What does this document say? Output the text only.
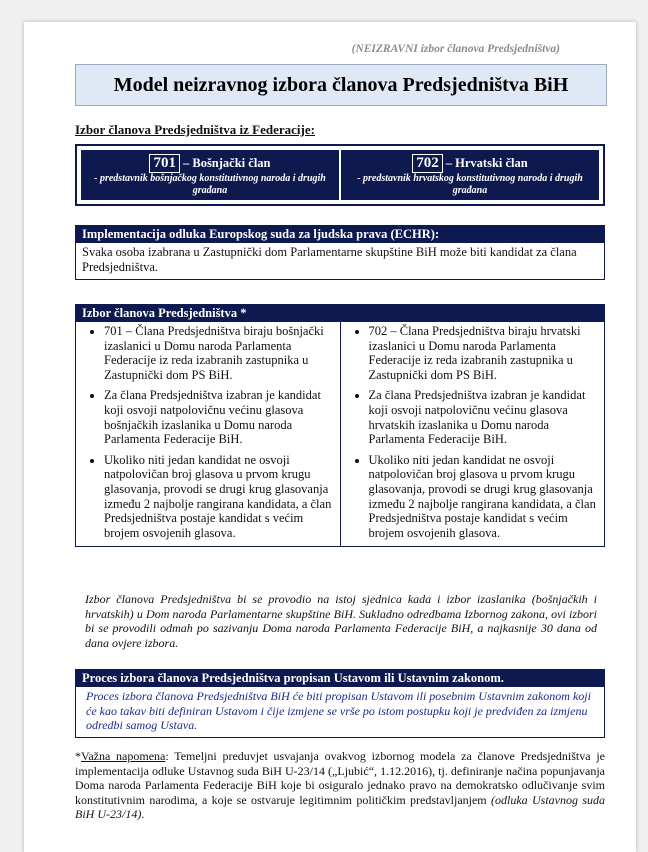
(NEIZRAVNI izbor članova Predsjedništva)
Model neizravnog izbora članova Predsjedništva BiH
Izbor članova Predsjedništva iz Federacije:
701 – Bošnjački član
- predstavnik bošnjačkog konstitutivnog naroda i drugih građana
702 – Hrvatski član
- predstavnik hrvatskog konstitutivnog naroda i drugih građana
Implementacija odluka Europskog suda za ljudska prava (ECHR):
Svaka osoba izabrana u Zastupnički dom Parlamentarne skupštine BiH može biti kandidat za člana Predsjedništva.
Izbor članova Predsjedništva *
• 701 – Člana Predsjedništva biraju bošnjački izaslanici u Domu naroda Parlamenta Federacije iz reda izabranih zastupnika u Zastupnički dom PS BiH.
• Za člana Predsjedništva izabran je kandidat koji osvoji natpolovičnu većinu glasova bošnjačkih izaslanika u Domu naroda Parlamenta Federacije BiH.
• Ukoliko niti jedan kandidat ne osvoji natpolovičan broj glasova u prvom krugu glasovanja, provodi se drugi krug glasovanja između 2 najbolje rangirana kandidata, a član Predsjedništva postaje kandidat s većim brojem osvojenih glasova.
• 702 – Člana Predsjedništva biraju hrvatski izaslanici u Domu naroda Parlamenta Federacije iz reda izabranih zastupnika u Zastupnički dom PS BiH.
• Za člana Predsjedništva izabran je kandidat koji osvoji natpolovičnu većinu glasova hrvatskih izaslanika u Domu naroda Parlamenta Federacije BiH.
• Ukoliko niti jedan kandidat ne osvoji natpolovičan broj glasova u prvom krugu glasovanja, provodi se drugi krug glasovanja između 2 najbolje rangirana kandidata, a član Predsjedništva postaje kandidat s većim brojem osvojenih glasova.
Izbor članova Predsjedništva bi se provodio na istoj sjednica kada i izbor izaslanika (bošnjačkih i hrvatskih) u Dom naroda Parlamentarne skupštine BiH. Sukladno odredbama Izbornog zakona, ovi izbori bi se provodili odmah po sazivanju Doma naroda Parlamenta Federacije BiH, a najkasnije 30 dana od dana ovjere izbora.
Proces izbora članova Predsjedništva propisan Ustavom ili Ustavnim zakonom.
Proces izbora članova Predsjedništva BiH će biti propisan Ustavom ili posebnim Ustavnim zakonom koji će kao takav biti definiran Ustavom i čije izmjene se vrše po istom postupku koji je predviđen za izmjenu odredbi samog Ustava.
*Važna napomena: Temeljni preduvjet usvajanja ovakvog izbornog modela za članove Predsjedništva je implementacija odluke Ustavnog suda BiH U-23/14 („Ljubić“, 1.12.2016), tj. definiranje načina popunjavanja Doma naroda Parlamenta Federacije BiH koje bi osiguralo jednako pravo na demokratsko odlučivanje svim konstitutivnim narodima, a koje se ostvaruje legitimnim političkim predstavljanjem (odluka Ustavnog suda BiH U-23/14).
